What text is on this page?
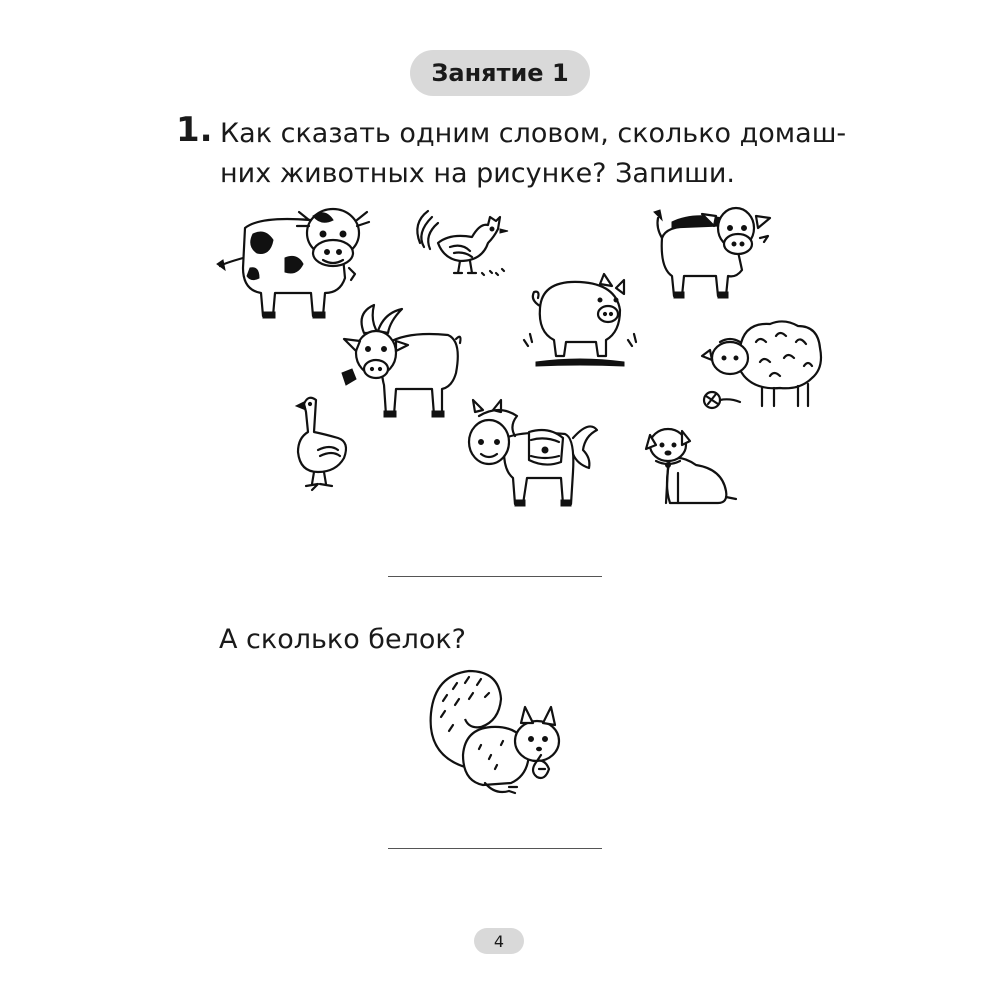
Занятие 1
1. Как сказать одним словом, сколько домаш-
них животных на рисунке? Запиши.
А сколько белок?
4
